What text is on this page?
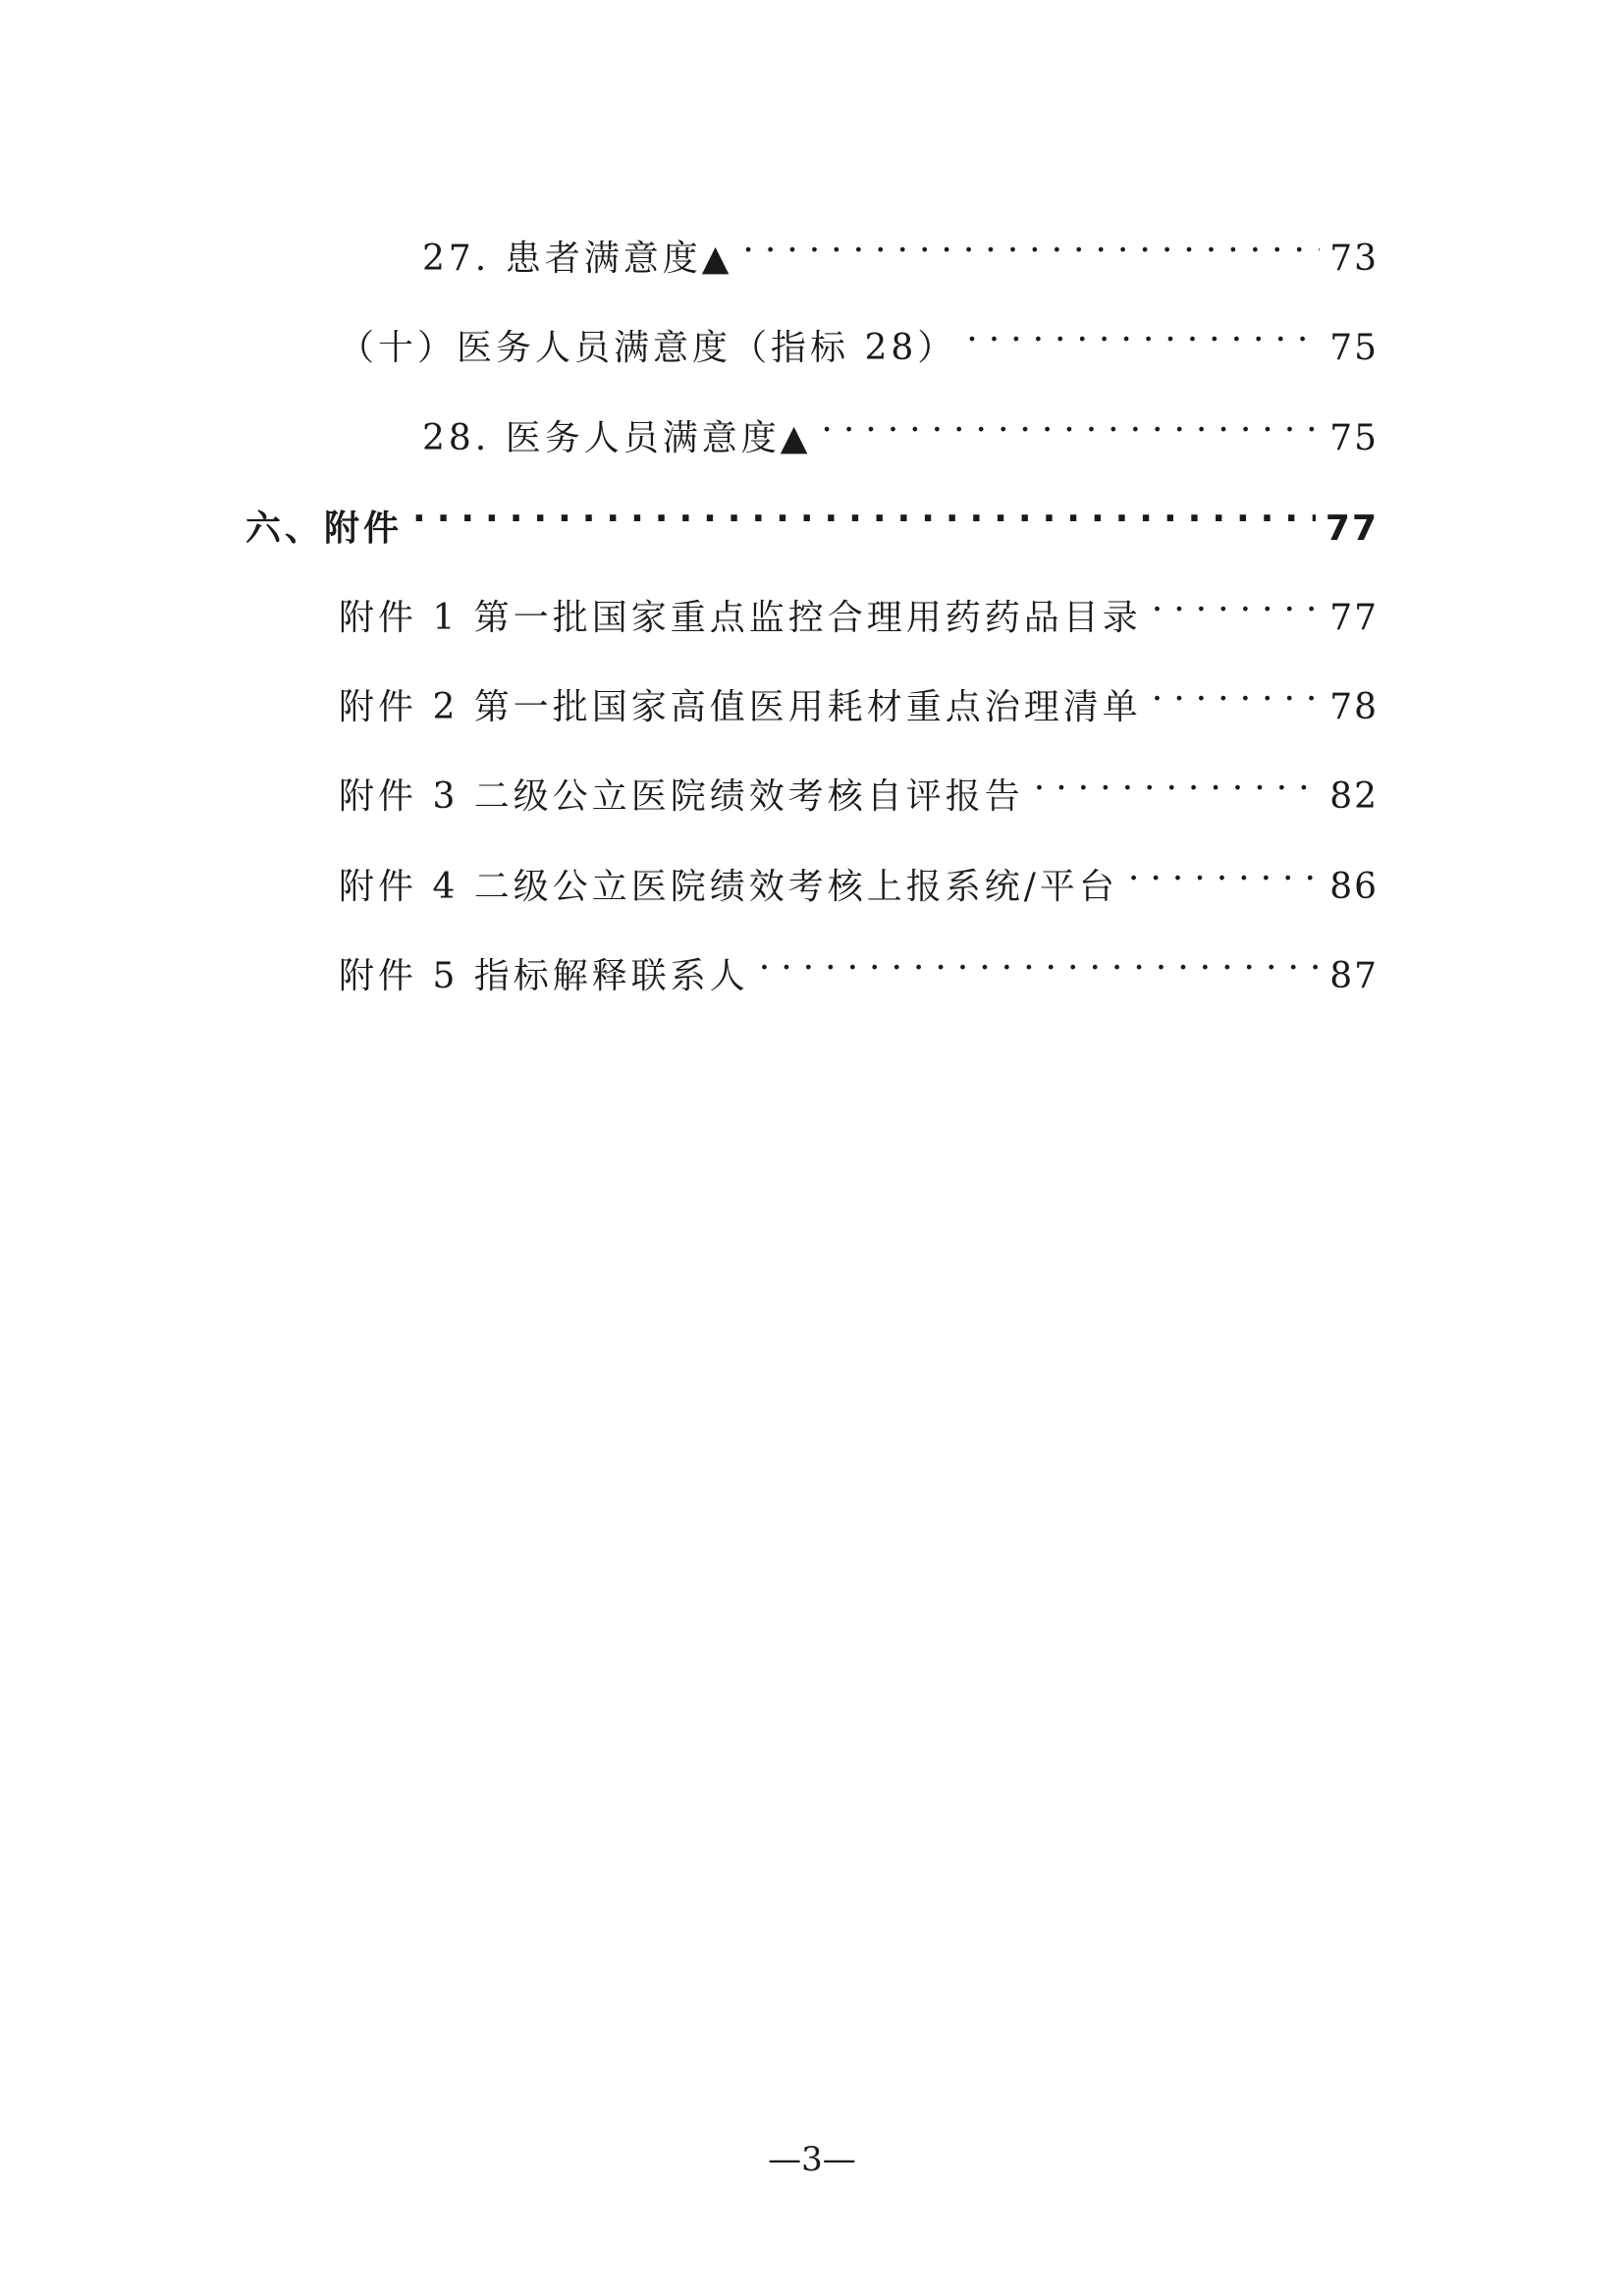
27. 患者满意度▲ .....	73
（十）医务人员满意度（指标 28） .....	75
28. 医务人员满意度▲ .....	75
六、附件 .....	77
附件 1 第一批国家重点监控合理用药药品目录 .....	77
附件 2 第一批国家高值医用耗材重点治理清单 .....	78
附件 3 二级公立医院绩效考核自评报告 .....	82
附件 4 二级公立医院绩效考核上报系统/平台 .....	86
附件 5 指标解释联系人 .....	87
—3—
